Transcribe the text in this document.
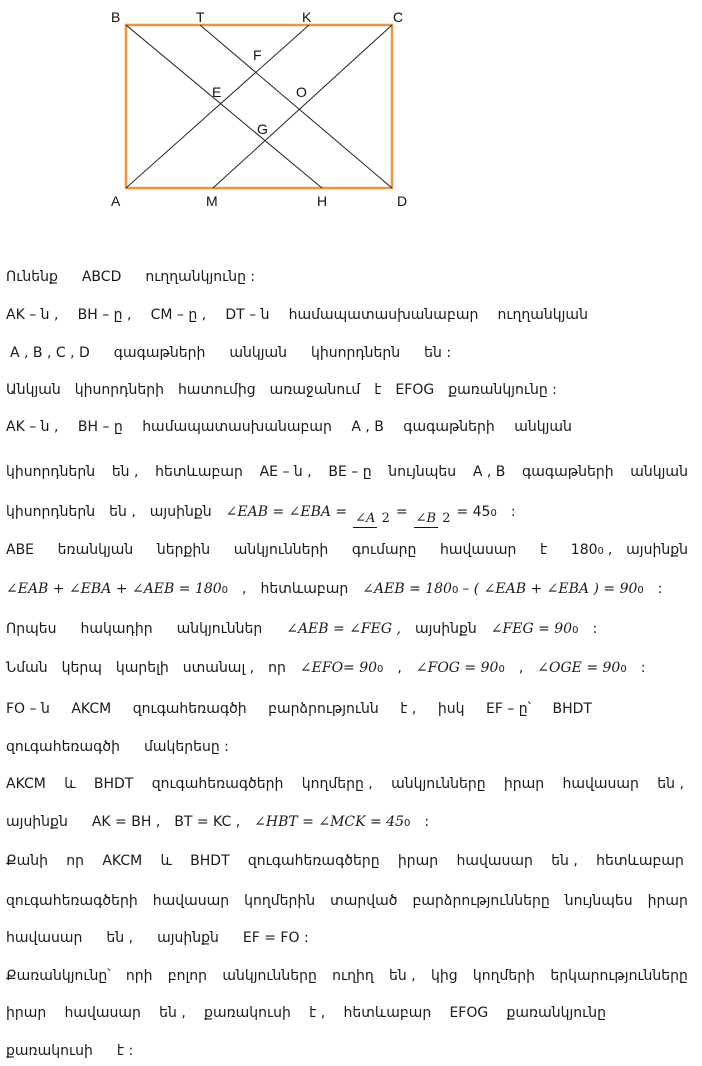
B	T	K	C
F
E	O
G
A	M	H	D
Ունենք ABCD ուղղանկյունը :
AK – ն , BH – ը , CM – ը , DT – ն համապատասխանաբար ուղղանկյան
A , B , C , D գագաթների անկյան կիսորդներն են :
Անկյան կիսորդների հատումից առաջանում է EFOG քառանկյունը :
AK – ն , BH – ը համապատասխանաբար A , B գագաթների անկյան
կիսորդներն են , հետևաբար AE – ն , BE – ը նույնպես A , B գագաթների անկյան
կիսորդներն են , այսինքն ∠EAB = ∠EBA = ∠A 2 = ∠B 2 = 45 0 :
ABE եռանկյան ներքին անկյունների գումարը հավասար է 180 0 , այսինքն
∠EAB + ∠EBA + ∠AEB = 180 0 , հետևաբար ∠AEB = 180 0 – ( ∠EAB + ∠EBA ) = 90 0 :
Որպես հակադիր անկյուններ ∠AEB = ∠FEG , այսինքն ∠FEG = 90 0 :
Նման կերպ կարելի ստանալ , որ ∠EFO= 90 0 , ∠FOG = 90 0 , ∠OGE = 90 0 :
FO – ն AKCM զուգահեռագծի բարձրությունն է , իսկ EF – ը՝ BHDT
զուգահեռագծի մակերեսը :
AKCM և BHDT զուգահեռագծերի կողմերը , անկյունները իրար հավասար են ,
այսինքն AK = BH , BT = KC , ∠HBT = ∠MCK = 45 0 :
Քանի որ AKCM և BHDT զուգահեռագծերը իրար հավասար են , հետևաբար
զուգահեռագծերի հավասար կողմերին տարված բարձրությունները նույնպես իրար
հավասար են , այսինքն EF = FO :
Քառանկյունը՝ որի բոլոր անկյունները ուղիղ են , կից կողմերի երկարությունները
իրար հավասար են , քառակուսի է , հետևաբար EFOG քառանկյունը
քառակուսի է :
